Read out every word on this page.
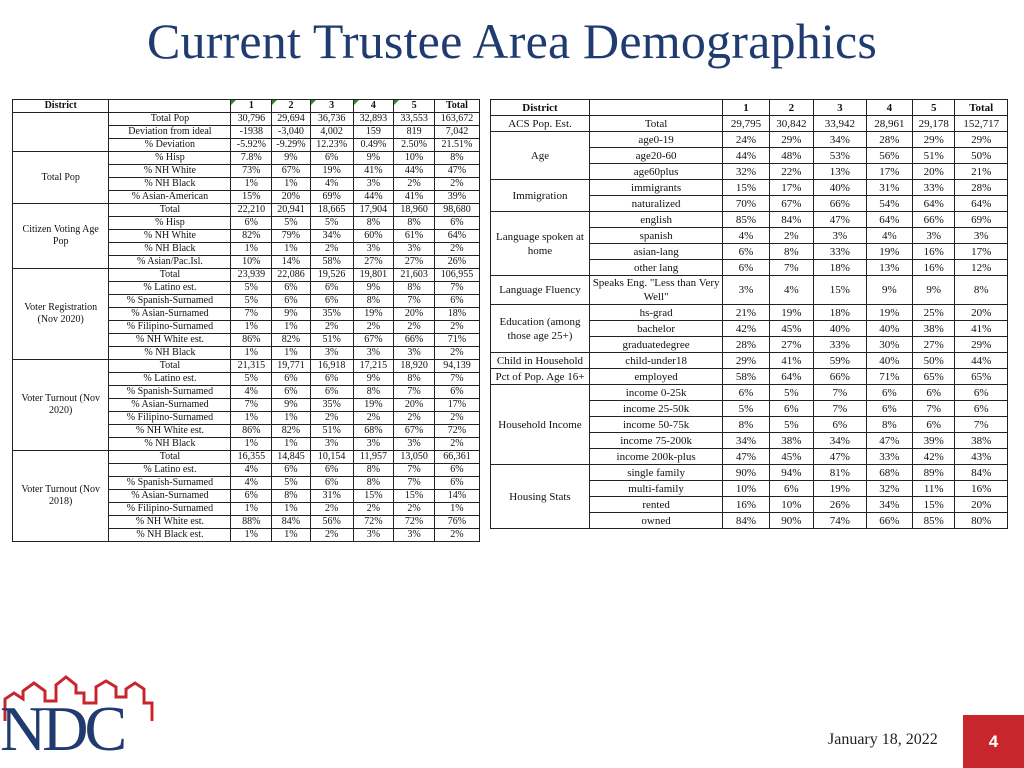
Current Trustee Area Demographics
District		1	2	3	4	5	Total
	Total Pop	30,796	29,694	36,736	32,893	33,553	163,672
	Deviation from ideal	-1938	-3,040	4,002	159	819	7,042
	% Deviation	-5.92%	-9.29%	12.23%	0.49%	2.50%	21.51%
Total Pop	% Hisp	7.8%	9%	6%	9%	10%	8%
	% NH White	73%	67%	19%	41%	44%	47%
	% NH Black	1%	1%	4%	3%	2%	2%
	% Asian-American	15%	20%	69%	44%	41%	39%
Citizen Voting Age Pop	Total	22,210	20,941	18,665	17,904	18,960	98,680
	% Hisp	6%	5%	5%	8%	8%	6%
	% NH White	82%	79%	34%	60%	61%	64%
	% NH Black	1%	1%	2%	3%	3%	2%
	% Asian/Pac.Isl.	10%	14%	58%	27%	27%	26%
Voter Registration (Nov 2020)	Total	23,939	22,086	19,526	19,801	21,603	106,955
	% Latino est.	5%	6%	6%	9%	8%	7%
	% Spanish-Surnamed	5%	6%	6%	8%	7%	6%
	% Asian-Surnamed	7%	9%	35%	19%	20%	18%
	% Filipino-Surnamed	1%	1%	2%	2%	2%	2%
	% NH White est.	86%	82%	51%	67%	66%	71%
	% NH Black	1%	1%	3%	3%	3%	2%
Voter Turnout (Nov 2020)	Total	21,315	19,771	16,918	17,215	18,920	94,139
	% Latino est.	5%	6%	6%	9%	8%	7%
	% Spanish-Surnamed	4%	6%	6%	8%	7%	6%
	% Asian-Surnamed	7%	9%	35%	19%	20%	17%
	% Filipino-Surnamed	1%	1%	2%	2%	2%	2%
	% NH White est.	86%	82%	51%	68%	67%	72%
	% NH Black	1%	1%	3%	3%	3%	2%
Voter Turnout (Nov 2018)	Total	16,355	14,845	10,154	11,957	13,050	66,361
	% Latino est.	4%	6%	6%	8%	7%	6%
	% Spanish-Surnamed	4%	5%	6%	8%	7%	6%
	% Asian-Surnamed	6%	8%	31%	15%	15%	14%
	% Filipino-Surnamed	1%	1%	2%	2%	2%	1%
	% NH White est.	88%	84%	56%	72%	72%	76%
	% NH Black est.	1%	1%	2%	3%	3%	2%
District		1	2	3	4	5	Total
ACS Pop. Est.	Total	29,795	30,842	33,942	28,961	29,178	152,717
Age	age0-19	24%	29%	34%	28%	29%	29%
	age20-60	44%	48%	53%	56%	51%	50%
	age60plus	32%	22%	13%	17%	20%	21%
Immigration	immigrants	15%	17%	40%	31%	33%	28%
	naturalized	70%	67%	66%	54%	64%	64%
Language spoken at home	english	85%	84%	47%	64%	66%	69%
	spanish	4%	2%	3%	4%	3%	3%
	asian-lang	6%	8%	33%	19%	16%	17%
	other lang	6%	7%	18%	13%	16%	12%
Language Fluency	Speaks Eng. "Less than Very Well"	3%	4%	15%	9%	9%	8%
Education (among those age 25+)	hs-grad	21%	19%	18%	19%	25%	20%
	bachelor	42%	45%	40%	40%	38%	41%
	graduatedegree	28%	27%	33%	30%	27%	29%
Child in Household	child-under18	29%	41%	59%	40%	50%	44%
Pct of Pop. Age 16+	employed	58%	64%	66%	71%	65%	65%
Household Income	income 0-25k	6%	5%	7%	6%	6%	6%
	income 25-50k	5%	6%	7%	6%	7%	6%
	income 50-75k	8%	5%	6%	8%	6%	7%
	income 75-200k	34%	38%	34%	47%	39%	38%
	income 200k-plus	47%	45%	47%	33%	42%	43%
Housing Stats	single family	90%	94%	81%	68%	89%	84%
	multi-family	10%	6%	19%	32%	11%	16%
	rented	16%	10%	26%	34%	15%	20%
	owned	84%	90%	74%	66%	85%	80%
NDC	January 18, 2022	4
